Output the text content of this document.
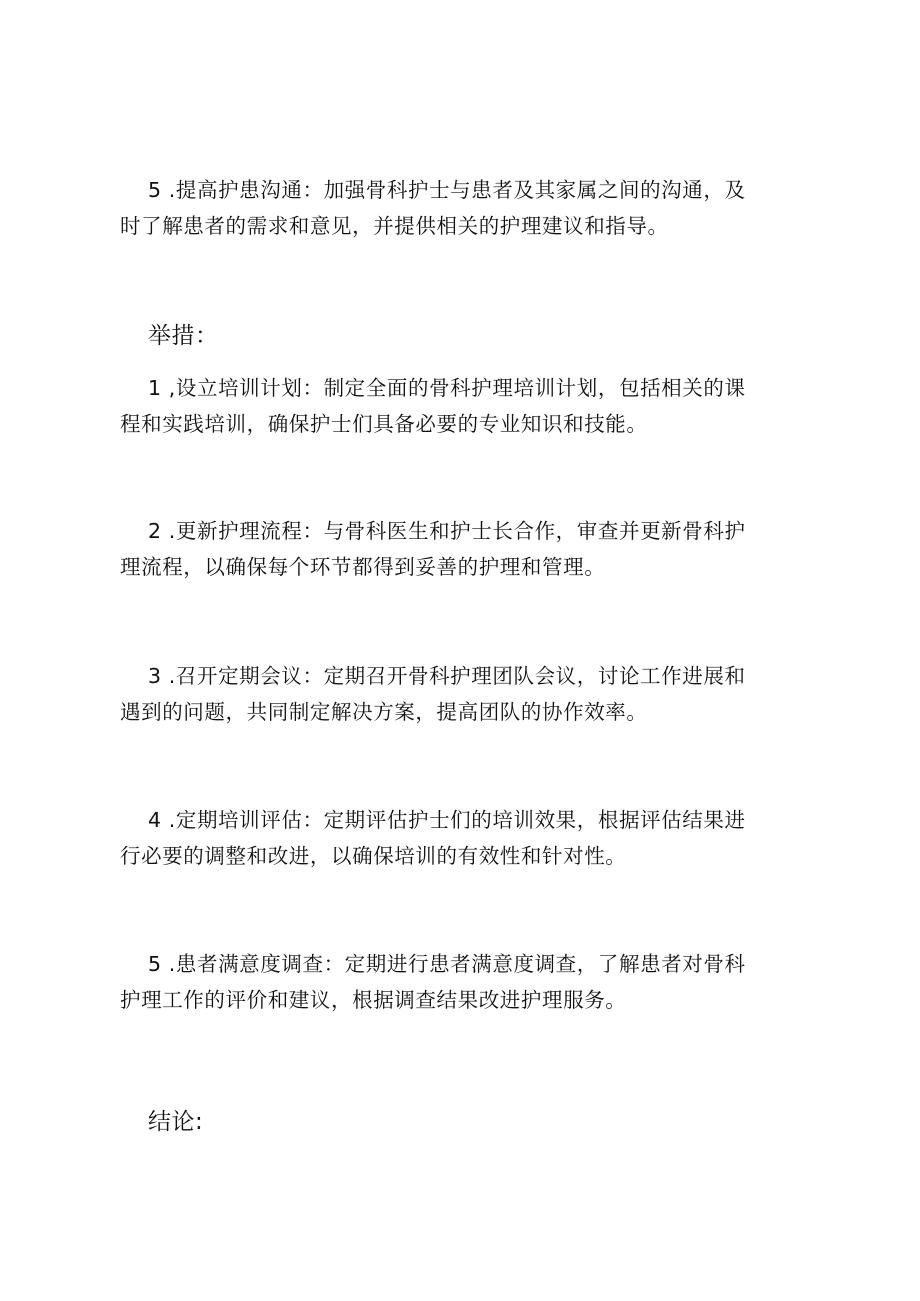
5 .提高护患沟通：加强骨科护士与患者及其家属之间的沟通，及
时了解患者的需求和意见，并提供相关的护理建议和指导。
举措：
1 ,设立培训计划：制定全面的骨科护理培训计划，包括相关的课
程和实践培训，确保护士们具备必要的专业知识和技能。
2 .更新护理流程：与骨科医生和护士长合作，审查并更新骨科护
理流程，以确保每个环节都得到妥善的护理和管理。
3 .召开定期会议：定期召开骨科护理团队会议，讨论工作进展和
遇到的问题，共同制定解决方案，提高团队的协作效率。
4 .定期培训评估：定期评估护士们的培训效果，根据评估结果进
行必要的调整和改进，以确保培训的有效性和针对性。
5 .患者满意度调查：定期进行患者满意度调查，了解患者对骨科
护理工作的评价和建议，根据调查结果改进护理服务。
结论:
